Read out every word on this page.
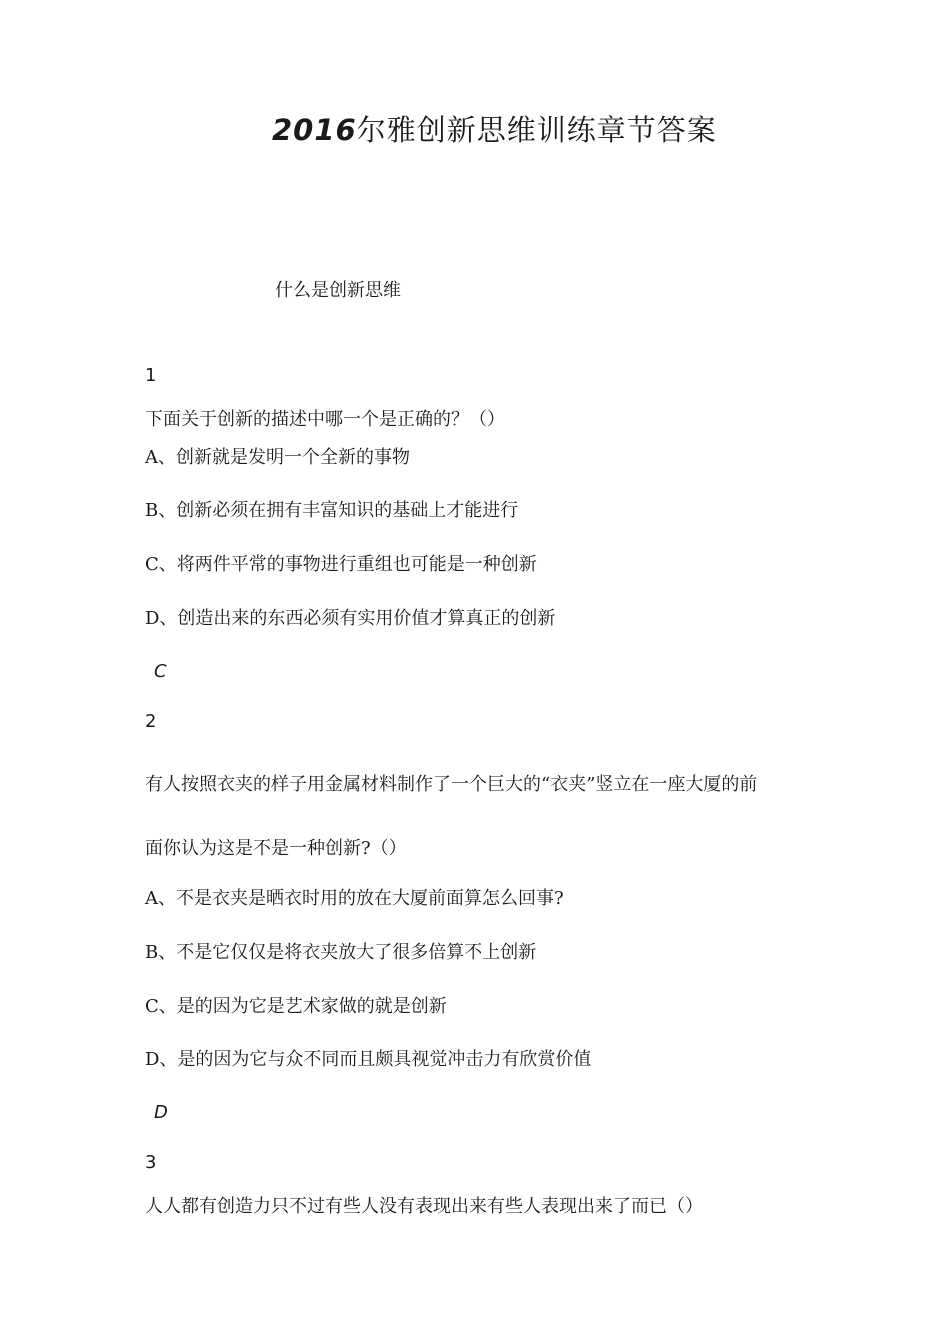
2016尔雅创新思维训练章节答案
什么是创新思维
1
下面关于创新的描述中哪一个是正确的？（）
A、创新就是发明一个全新的事物
B、创新必须在拥有丰富知识的基础上才能进行
C、将两件平常的事物进行重组也可能是一种创新
D、创造出来的东西必须有实用价值才算真正的创新
C
2
有人按照衣夹的样子用金属材料制作了一个巨大的“衣夹”竖立在一座大厦的前
面你认为这是不是一种创新?（）
A、不是衣夹是晒衣时用的放在大厦前面算怎么回事?
B、不是它仅仅是将衣夹放大了很多倍算不上创新
C、是的因为它是艺术家做的就是创新
D、是的因为它与众不同而且颇具视觉冲击力有欣赏价值
D
3
人人都有创造力只不过有些人没有表现出来有些人表现出来了而已（）
